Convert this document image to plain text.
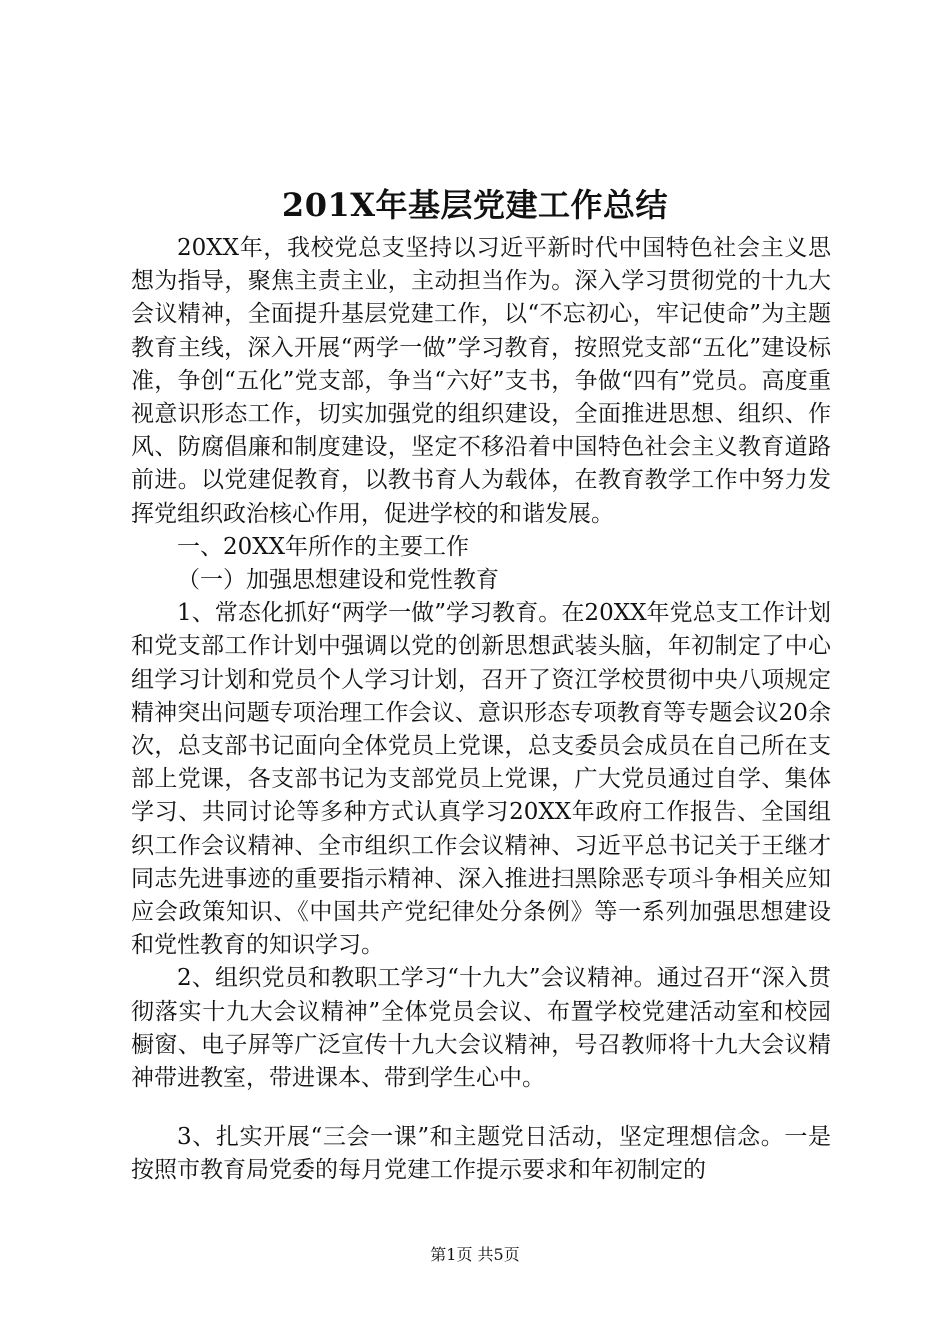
201X年基层党建工作总结

20XX年，我校党总支坚持以习近平新时代中国特色社会主义思想为指导，聚焦主责主业，主动担当作为。深入学习贯彻党的十九大会议精神，全面提升基层党建工作，以“不忘初心，牢记使命”为主题教育主线，深入开展“两学一做”学习教育，按照党支部“五化”建设标准，争创“五化”党支部，争当“六好”支书，争做“四有”党员。高度重视意识形态工作，切实加强党的组织建设，全面推进思想、组织、作风、防腐倡廉和制度建设，坚定不移沿着中国特色社会主义教育道路前进。以党建促教育，以教书育人为载体，在教育教学工作中努力发挥党组织政治核心作用，促进学校的和谐发展。

一、20XX年所作的主要工作

（一）加强思想建设和党性教育

1、常态化抓好“两学一做”学习教育。在20XX年党总支工作计划和党支部工作计划中强调以党的创新思想武装头脑，年初制定了中心组学习计划和党员个人学习计划，召开了资江学校贯彻中央八项规定精神突出问题专项治理工作会议、意识形态专项教育等专题会议20余次，总支部书记面向全体党员上党课，总支委员会成员在自己所在支部上党课，各支部书记为支部党员上党课，广大党员通过自学、集体学习、共同讨论等多种方式认真学习20XX年政府工作报告、全国组织工作会议精神、全市组织工作会议精神、习近平总书记关于王继才同志先进事迹的重要指示精神、深入推进扫黑除恶专项斗争相关应知应会政策知识、《中国共产党纪律处分条例》等一系列加强思想建设和党性教育的知识学习。

2、组织党员和教职工学习“十九大”会议精神。通过召开“深入贯彻落实十九大会议精神”全体党员会议、布置学校党建活动室和校园橱窗、电子屏等广泛宣传十九大会议精神，号召教师将十九大会议精神带进教室，带进课本、带到学生心中。

3、扎实开展“三会一课”和主题党日活动，坚定理想信念。一是按照市教育局党委的每月党建工作提示要求和年初制定的

第1页 共5页
